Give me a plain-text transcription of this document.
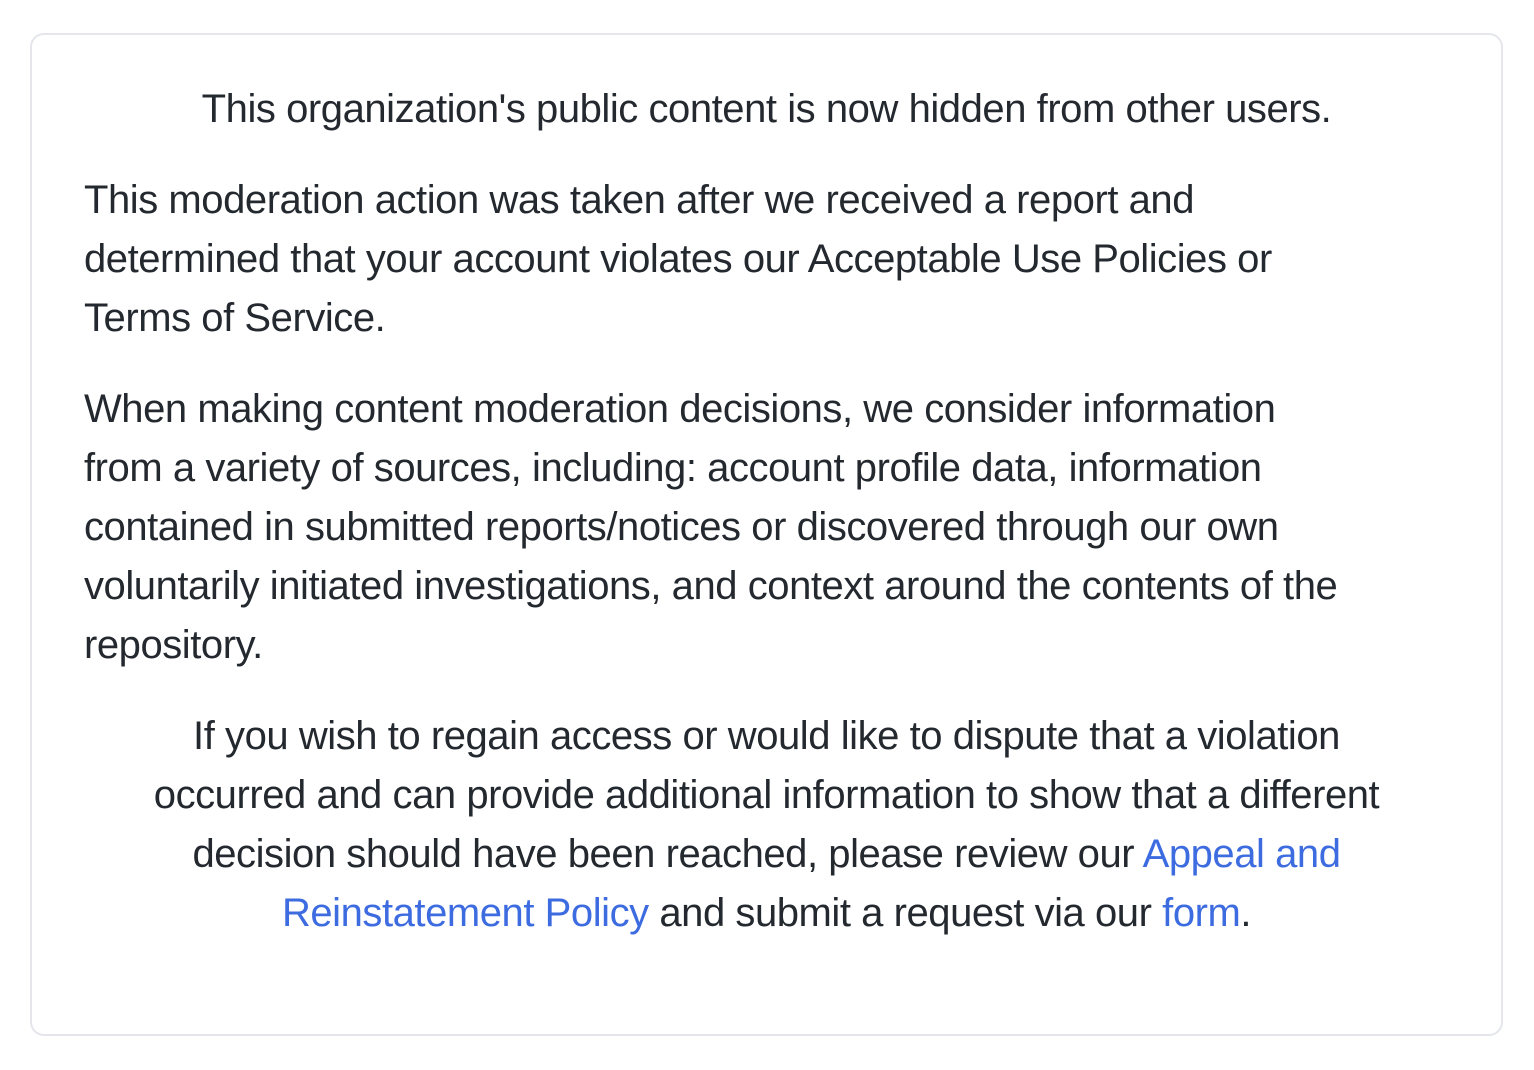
This organization's public content is now hidden from other users.

This moderation action was taken after we received a report and
determined that your account violates our Acceptable Use Policies or
Terms of Service.

When making content moderation decisions, we consider information
from a variety of sources, including: account profile data, information
contained in submitted reports/notices or discovered through our own
voluntarily initiated investigations, and context around the contents of the
repository.

If you wish to regain access or would like to dispute that a violation
occurred and can provide additional information to show that a different
decision should have been reached, please review our Appeal and
Reinstatement Policy and submit a request via our form.
